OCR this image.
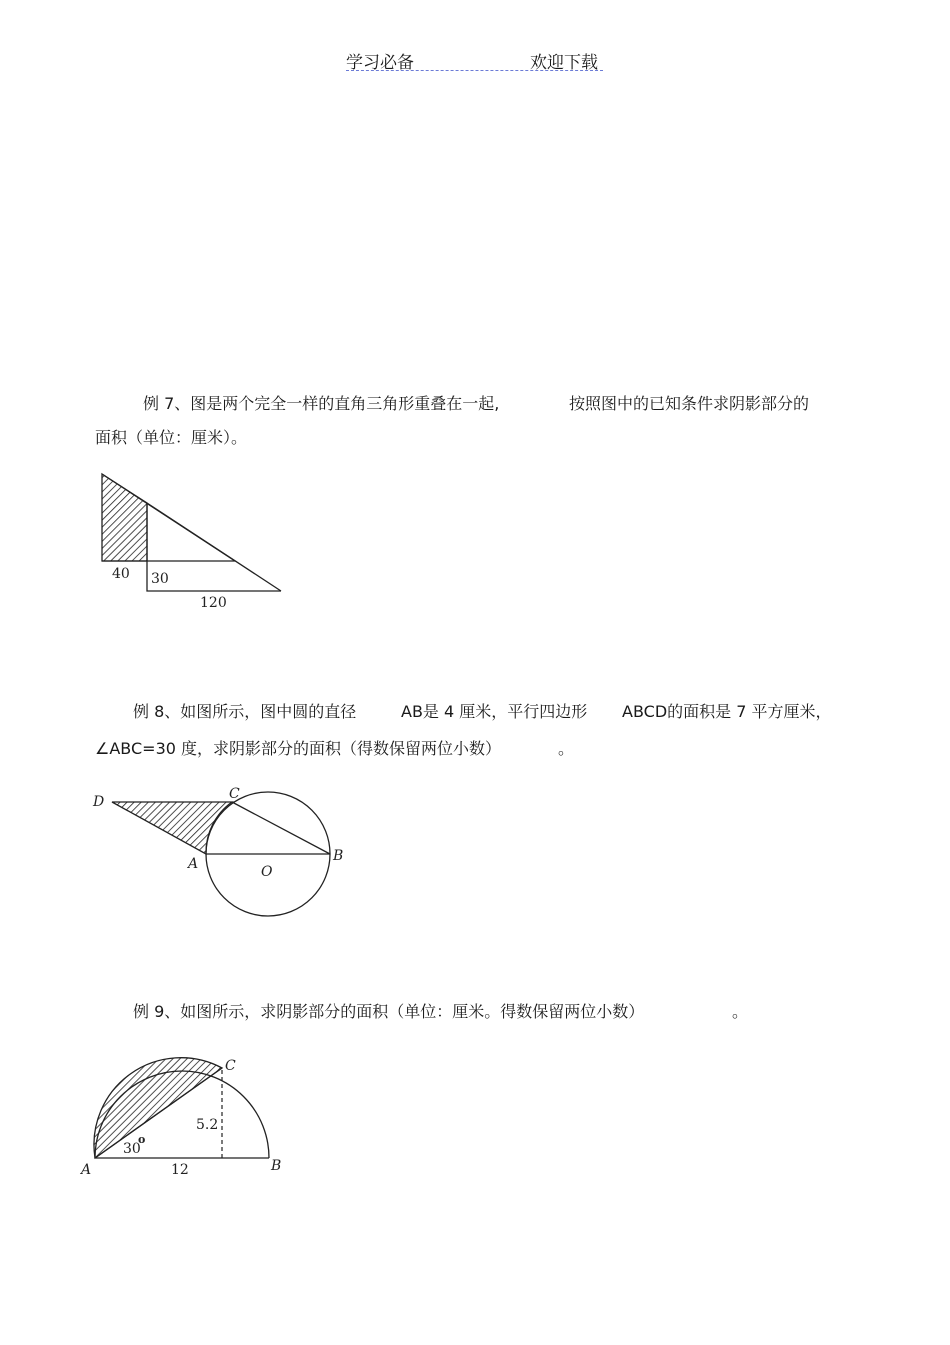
学习必备	欢迎下载
例 7、图是两个完全一样的直角三角形重叠在一起,	按照图中的已知条件求阴影部分的
面积（单位：厘米）。
40 30
120
例 8、如图所示，图中圆的直径	AB是 4 厘米，平行四边形 ABCD的面积是 7 平方厘米，
∠ABC=30 度，求阴影部分的面积（得数保留两位小数）	。
D	C
A	O
B
例 9、如图所示，求阴影部分的面积（单位：厘米。得数保留两位小数）	。
C
5.2
30
o
A	12	B
